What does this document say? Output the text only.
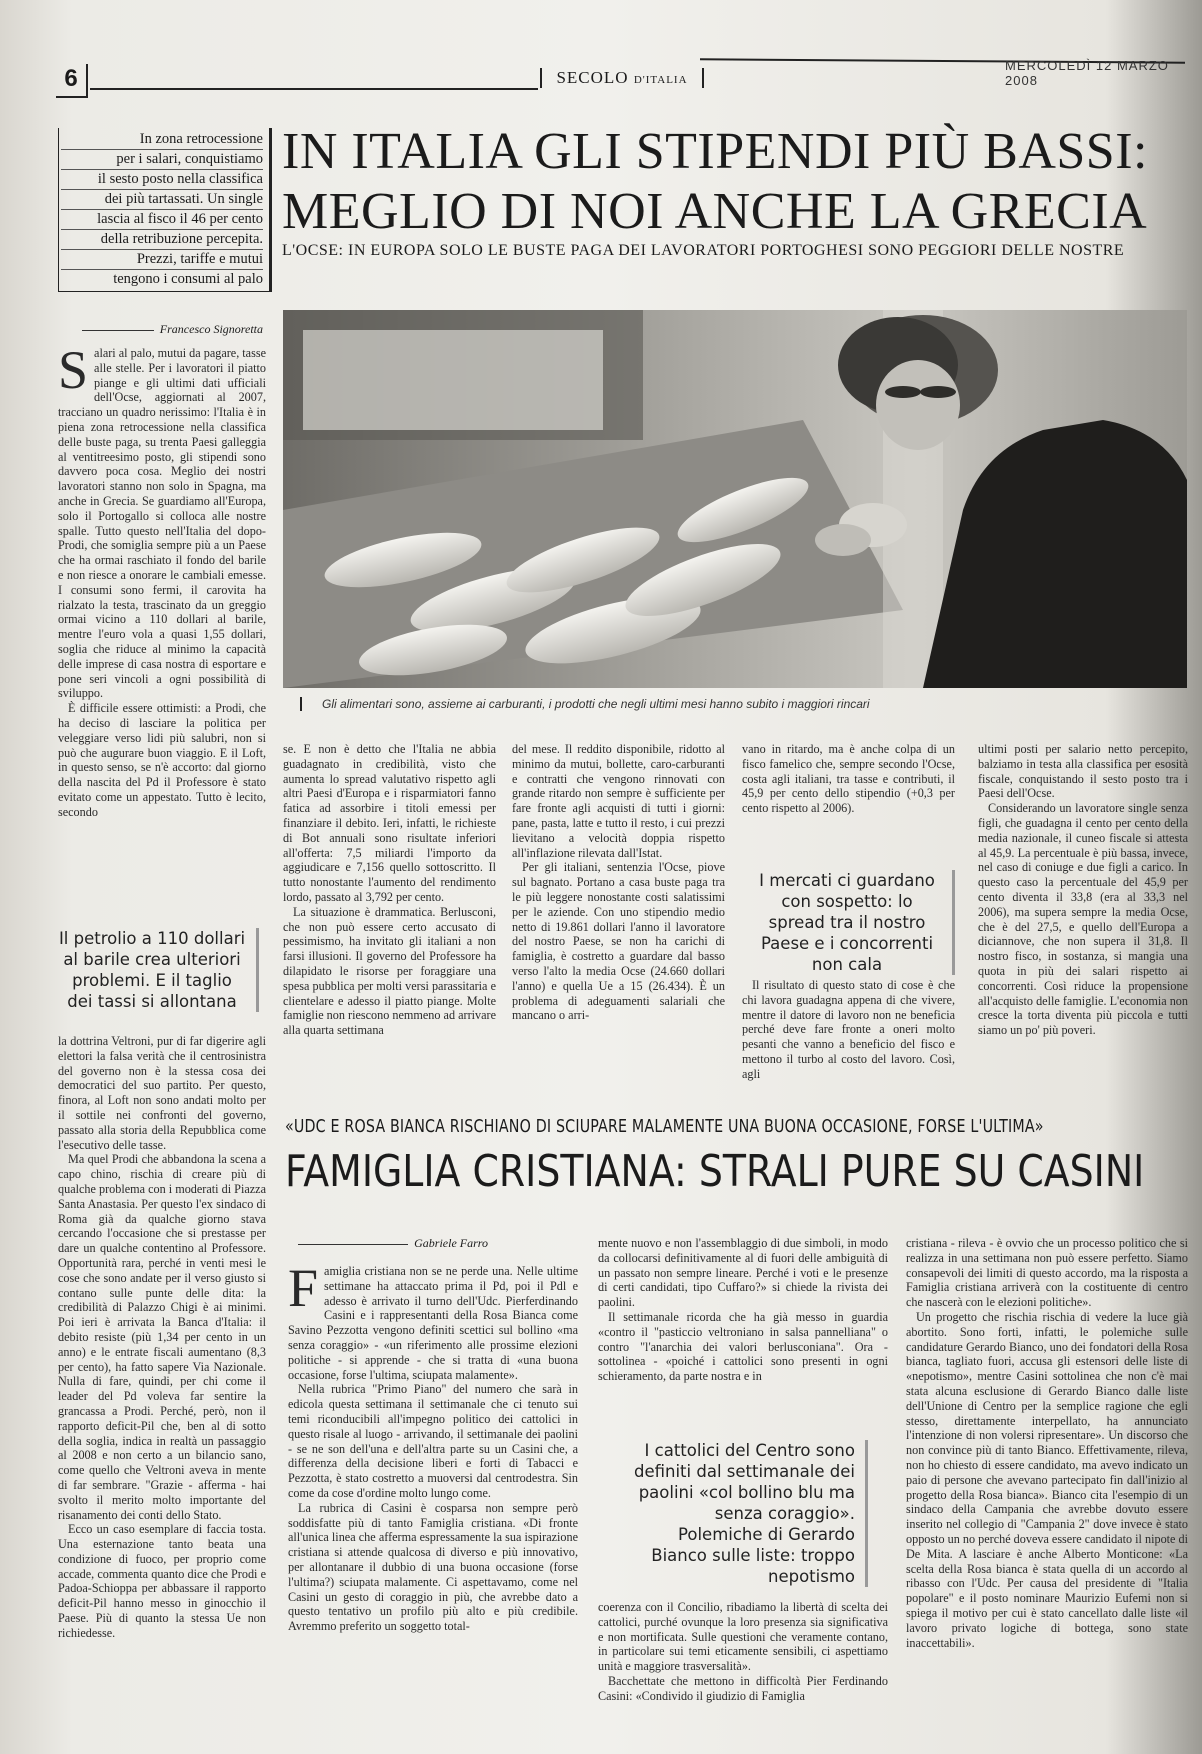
6	SECOLO D'ITALIA
MERCOLEDÌ 12 MARZO 2008
In zona retrocessione
per i salari, conquistiamo
il sesto posto nella classifica
dei più tartassati. Un single
lascia al fisco il 46 per cento
della retribuzione percepita.
Prezzi, tariffe e mutui
tengono i consumi al palo
IN ITALIA GLI STIPENDI PIÙ BASSI:
MEGLIO DI NOI ANCHE LA GRECIA
L'OCSE: IN EUROPA SOLO LE BUSTE PAGA DEI LAVORATORI PORTOGHESI SONO PEGGIORI DELLE NOSTRE
Gli alimentari sono, assieme ai carburanti, i prodotti che negli ultimi mesi hanno subito i maggiori rincari
Francesco Signoretta
S alari al palo, mutui da pagare, tasse alle stelle. Per i lavoratori il piatto piange e gli ultimi dati ufficiali dell'Ocse, aggiornati al 2007, tracciano un quadro nerissimo: l'Italia è in piena zona retrocessione nella classifica delle buste paga, su trenta Paesi galleggia al ventitreesimo posto, gli stipendi sono davvero poca cosa. Meglio dei nostri lavoratori stanno non solo in Spagna, ma anche in Grecia. Se guardiamo all'Europa, solo il Portogallo si colloca alle nostre spalle. Tutto questo nell'Italia del dopo-Prodi, che somiglia sempre più a un Paese che ha ormai raschiato il fondo del barile e non riesce a onorare le cambiali emesse. I consumi sono fermi, il carovita ha rialzato la testa, trascinato da un greggio ormai vicino a 110 dollari al barile, mentre l'euro vola a quasi 1,55 dollari, soglia che riduce al minimo la capacità delle imprese di casa nostra di esportare e pone seri vincoli a ogni possibilità di sviluppo.

È difficile essere ottimisti: a Prodi, che ha deciso di lasciare la politica per veleggiare verso lidi più salubri, non si può che augurare buon viaggio. E il Loft, in questo senso, se n'è accorto: dal giorno della nascita del Pd il Professore è stato evitato come un appestato. Tutto è lecito, secondo

Il petrolio a 110 dollari al barile crea ulteriori problemi. E il taglio dei tassi si allontana

la dottrina Veltroni, pur di far digerire agli elettori la falsa verità che il centrosinistra del governo non è la stessa cosa dei democratici del suo partito. Per questo, finora, al Loft non sono andati molto per il sottile nei confronti del governo, passato alla storia della Repubblica come l'esecutivo delle tasse.

Ma quel Prodi che abbandona la scena a capo chino, rischia di creare più di qualche problema con i moderati di Piazza Santa Anastasia. Per questo l'ex sindaco di Roma già da qualche giorno stava cercando l'occasione che si prestasse per dare un qualche contentino al Professore. Opportunità rara, perché in venti mesi le cose che sono andate per il verso giusto si contano sulle punte delle dita: la credibilità di Palazzo Chigi è ai minimi. Poi ieri è arrivata la Banca d'Italia: il debito resiste (più 1,34 per cento in un anno) e le entrate fiscali aumentano (8,3 per cento), ha fatto sapere Via Nazionale. Nulla di fare, quindi, per chi come il leader del Pd voleva far sentire la grancassa a Prodi. Perché, però, non il rapporto deficit-Pil che, ben al di sotto della soglia, indica in realtà un passaggio al 2008 e non certo a un bilancio sano, come quello che Veltroni aveva in mente di far sembrare. "Grazie - afferma - hai svolto il merito molto importante del risanamento dei conti dello Stato.

Ecco un caso esemplare di faccia tosta. Una esternazione tanto beata una condizione di fuoco, per proprio come accade, commenta quanto dice che Prodi e Padoa-Schioppa per abbassare il rapporto deficit-Pil hanno messo in ginocchio il Paese. Più di quanto la stessa Ue non richiedesse.

se. E non è detto che l'Italia ne abbia guadagnato in credibilità, visto che aumenta lo spread valutativo rispetto agli altri Paesi d'Europa e i risparmiatori fanno fatica ad assorbire i titoli emessi per finanziare il debito. Ieri, infatti, le richieste di Bot annuali sono risultate inferiori all'offerta: 7,5 miliardi l'importo da aggiudicare e 7,156 quello sottoscritto. Il tutto nonostante l'aumento del rendimento lordo, passato al 3,792 per cento.

La situazione è drammatica. Berlusconi, che non può essere certo accusato di pessimismo, ha invitato gli italiani a non farsi illusioni. Il governo del Professore ha dilapidato le risorse per foraggiare una spesa pubblica per molti versi parassitaria e clientelare e adesso il piatto piange. Molte famiglie non riescono nemmeno ad arrivare alla quarta settimana

del mese. Il reddito disponibile, ridotto al minimo da mutui, bollette, caro-carburanti e contratti che vengono rinnovati con grande ritardo non sempre è sufficiente per fare fronte agli acquisti di tutti i giorni: pane, pasta, latte e tutto il resto, i cui prezzi lievitano a velocità doppia rispetto all'inflazione rilevata dall'Istat.

Per gli italiani, sentenzia l'Ocse, piove sul bagnato. Portano a casa buste paga tra le più leggere nonostante costi salatissimi per le aziende. Con uno stipendio medio netto di 19.861 dollari l'anno il lavoratore del nostro Paese, se non ha carichi di famiglia, è costretto a guardare dal basso verso l'alto la media Ocse (24.660 dollari l'anno) e quella Ue a 15 (26.434). È un problema di adeguamenti salariali che mancano o arri-

vano in ritardo, ma è anche colpa di un fisco famelico che, sempre secondo l'Ocse, costa agli italiani, tra tasse e contributi, il 45,9 per cento dello stipendio (+0,3 per cento rispetto al 2006).

I mercati ci guardano con sospetto: lo spread tra il nostro Paese e i concorrenti non cala

Il risultato di questo stato di cose è che chi lavora guadagna appena di che vivere, mentre il datore di lavoro non ne beneficia perché deve fare fronte a oneri molto pesanti che vanno a beneficio del fisco e mettono il turbo al costo del lavoro. Così, agli

ultimi posti per salario netto percepito, balziamo in testa alla classifica per esosità fiscale, conquistando il sesto posto tra i Paesi dell'Ocse.

Considerando un lavoratore single senza figli, che guadagna il cento per cento della media nazionale, il cuneo fiscale si attesta al 45,9. La percentuale è più bassa, invece, nel caso di coniuge e due figli a carico. In questo caso la percentuale del 45,9 per cento diventa il 33,8 (era al 33,3 nel 2006), ma supera sempre la media Ocse, che è del 27,5, e quello dell'Europa a diciannove, che non supera il 31,8. Il nostro fisco, in sostanza, si mangia una quota in più dei salari rispetto ai concorrenti. Così riduce la propensione all'acquisto delle famiglie. L'economia non cresce la torta diventa più piccola e tutti siamo un po' più poveri.

«UDC E ROSA BIANCA RISCHIANO DI SCIUPARE MALAMENTE UNA BUONA OCCASIONE, FORSE L'ULTIMA»
FAMIGLIA CRISTIANA: STRALI PURE SU CASINI
Gabriele Farro
F amiglia cristiana non se ne perde una. Nelle ultime settimane ha attaccato prima il Pd, poi il Pdl e adesso è arrivato il turno dell'Udc. Pierferdinando Casini e i rappresentanti della Rosa Bianca come Savino Pezzotta vengono definiti scettici sul bollino «ma senza coraggio» - «un riferimento alle prossime elezioni politiche - si apprende - che si tratta di «una buona occasione, forse l'ultima, sciupata malamente».

Nella rubrica "Primo Piano" del numero che sarà in edicola questa settimana il settimanale che ci tenuto sui temi riconducibili all'impegno politico dei cattolici in questo risale al luogo - arrivando, il settimanale dei paolini - se ne son dell'una e dell'altra parte su un Casini che, a differenza della decisione liberi e forti di Tabacci e Pezzotta, è stato costretto a muoversi dal centrodestra. Sin come da cose d'ordine molto lungo come.

La rubrica di Casini è cosparsa non sempre però soddisfatte più di tanto Famiglia cristiana. «Di fronte all'unica linea che afferma espressamente la sua ispirazione cristiana si attende qualcosa di diverso e più innovativo, per allontanare il dubbio di una buona occasione (forse l'ultima?) sciupata malamente. Ci aspettavamo, come nel Casini un gesto di coraggio in più, che avrebbe dato a questo tentativo un profilo più alto e più credibile. Avremmo preferito un soggetto total-

mente nuovo e non l'assemblaggio di due simboli, in modo da collocarsi definitivamente al di fuori delle ambiguità di un passato non sempre lineare. Perché i voti e le presenze di certi candidati, tipo Cuffaro?» si chiede la rivista dei paolini.

Il settimanale ricorda che ha già messo in guardia «contro il "pasticcio veltroniano in salsa pannelliana" o contro "l'anarchia dei valori berlusconiana". Ora - sottolinea - «poiché i cattolici sono presenti in ogni schieramento, da parte nostra e in

I cattolici del Centro sono definiti dal settimanale dei paolini «col bollino blu ma senza coraggio». Polemiche di Gerardo Bianco sulle liste: troppo nepotismo

coerenza con il Concilio, ribadiamo la libertà di scelta dei cattolici, purché ovunque la loro presenza sia significativa e non mortificata. Sulle questioni che veramente contano, in particolare sui temi eticamente sensibili, ci aspettiamo unità e maggiore trasversalità».

Bacchettate che mettono in difficoltà Pier Ferdinando Casini: «Condivido il giudizio di Famiglia

cristiana - rileva - è ovvio che un processo politico che si realizza in una settimana non può essere perfetto. Siamo consapevoli dei limiti di questo accordo, ma la risposta a Famiglia cristiana arriverà con la costituente di centro che nascerà con le elezioni politiche».

Un progetto che rischia rischia di vedere la luce già abortito. Sono forti, infatti, le polemiche sulle candidature Gerardo Bianco, uno dei fondatori della Rosa bianca, tagliato fuori, accusa gli estensori delle liste di «nepotismo», mentre Casini sottolinea che non c'è mai stata alcuna esclusione di Gerardo Bianco dalle liste dell'Unione di Centro per la semplice ragione che egli stesso, direttamente interpellato, ha annunciato l'intenzione di non volersi ripresentare». Un discorso che non convince più di tanto Bianco. Effettivamente, rileva, non ho chiesto di essere candidato, ma avevo indicato un paio di persone che avevano partecipato fin dall'inizio al progetto della Rosa bianca». Bianco cita l'esempio di un sindaco della Campania che avrebbe dovuto essere inserito nel collegio di "Campania 2" dove invece è stato opposto un no perché doveva essere candidato il nipote di De Mita. A lasciare è anche Alberto Monticone: «La scelta della Rosa bianca è stata quella di un accordo al ribasso con l'Udc. Per causa del presidente di "Italia popolare" e il posto nominare Maurizio Eufemi non si spiega il motivo per cui è stato cancellato dalle liste «il lavoro privato logiche di bottega, sono state inaccettabili».
